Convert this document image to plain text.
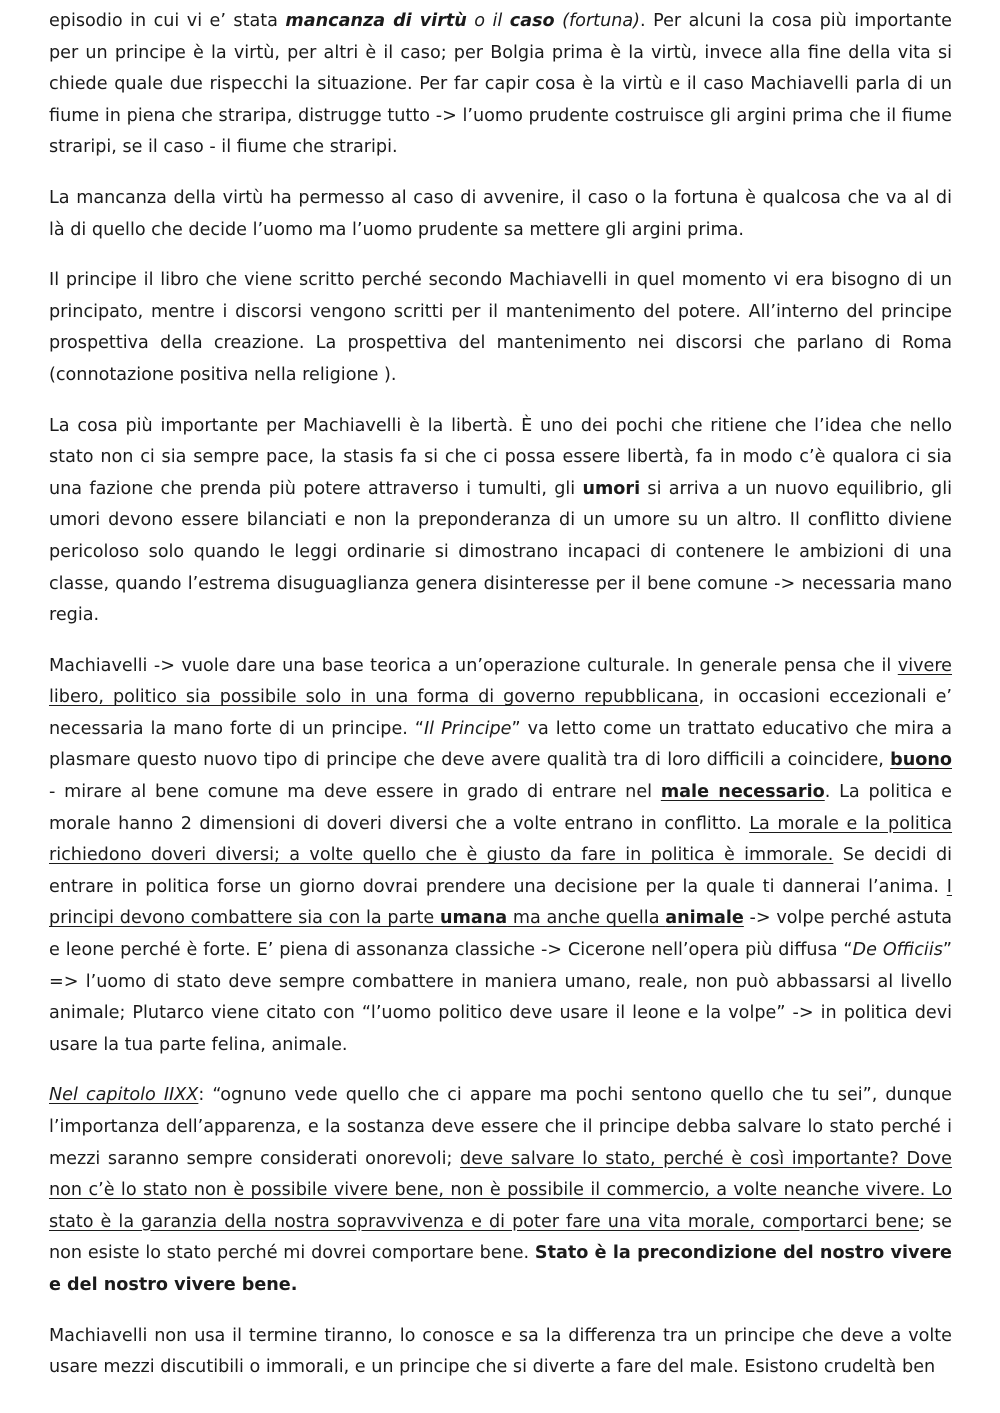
episodio in cui vi e’ stata mancanza di virtù o il caso (fortuna). Per alcuni la cosa più importante per un principe è la virtù, per altri è il caso; per Bolgia prima è la virtù, invece alla fine della vita si chiede quale due rispecchi la situazione. Per far capir cosa è la virtù e il caso Machiavelli parla di un fiume in piena che straripa, distrugge tutto -> l’uomo prudente costruisce gli argini prima che il fiume straripi, se il caso - il fiume che straripi.

La mancanza della virtù ha permesso al caso di avvenire, il caso o la fortuna è qualcosa che va al di là di quello che decide l’uomo ma l’uomo prudente sa mettere gli argini prima.

Il principe il libro che viene scritto perché secondo Machiavelli in quel momento vi era bisogno di un principato, mentre i discorsi vengono scritti per il mantenimento del potere. All’interno del principe prospettiva della creazione. La prospettiva del mantenimento nei discorsi che parlano di Roma (connotazione positiva nella religione ).

La cosa più importante per Machiavelli è la libertà. È uno dei pochi che ritiene che l’idea che nello stato non ci sia sempre pace, la stasis fa si che ci possa essere libertà, fa in modo c’è qualora ci sia una fazione che prenda più potere attraverso i tumulti, gli umori si arriva a un nuovo equilibrio, gli umori devono essere bilanciati e non la preponderanza di un umore su un altro. Il conflitto diviene pericoloso solo quando le leggi ordinarie si dimostrano incapaci di contenere le ambizioni di una classe, quando l’estrema disuguaglianza genera disinteresse per il bene comune -> necessaria mano regia.

Machiavelli -> vuole dare una base teorica a un’operazione culturale. In generale pensa che il vivere libero, politico sia possibile solo in una forma di governo repubblicana, in occasioni eccezionali e’ necessaria la mano forte di un principe. “Il Principe” va letto come un trattato educativo che mira a plasmare questo nuovo tipo di principe che deve avere qualità tra di loro difficili a coincidere, buono - mirare al bene comune ma deve essere in grado di entrare nel male necessario. La politica e morale hanno 2 dimensioni di doveri diversi che a volte entrano in conflitto. La morale e la politica richiedono doveri diversi; a volte quello che è giusto da fare in politica è immorale. Se decidi di entrare in politica forse un giorno dovrai prendere una decisione per la quale ti dannerai l’anima. I principi devono combattere sia con la parte umana ma anche quella animale -> volpe perché astuta e leone perché è forte. E’ piena di assonanza classiche -> Cicerone nell’opera più diffusa “De Officiis” => l’uomo di stato deve sempre combattere in maniera umano, reale, non può abbassarsi al livello animale; Plutarco viene citato con “l’uomo politico deve usare il leone e la volpe” -> in politica devi usare la tua parte felina, animale.

Nel capitolo IIXX: “ognuno vede quello che ci appare ma pochi sentono quello che tu sei”, dunque l’importanza dell’apparenza, e la sostanza deve essere che il principe debba salvare lo stato perché i mezzi saranno sempre considerati onorevoli; deve salvare lo stato, perché è così importante? Dove non c’è lo stato non è possibile vivere bene, non è possibile il commercio, a volte neanche vivere. Lo stato è la garanzia della nostra sopravvivenza e di poter fare una vita morale, comportarci bene; se non esiste lo stato perché mi dovrei comportare bene. Stato è la precondizione del nostro vivere e del nostro vivere bene.

Machiavelli non usa il termine tiranno, lo conosce e sa la differenza tra un principe che deve a volte usare mezzi discutibili o immorali, e un principe che si diverte a fare del male. Esistono crudeltà ben
